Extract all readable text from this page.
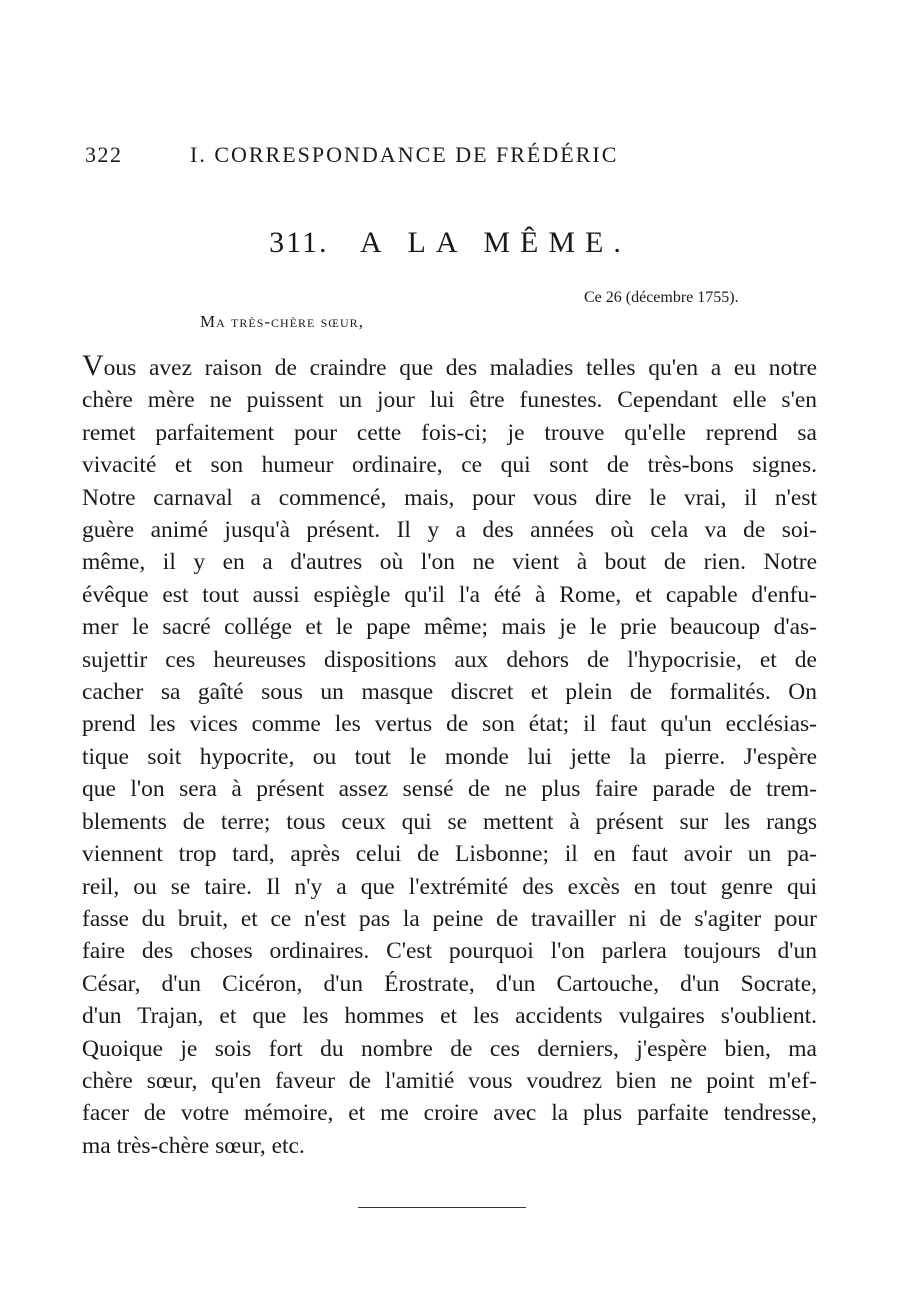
322	I. CORRESPONDANCE DE FRÉDÉRIC
311. A LA MÊME.
Ce 26 (décembre 1755).
Ma très-chère sœur,
Vous avez raison de craindre que des maladies telles qu'en a eu notre
chère mère ne puissent un jour lui être funestes. Cependant elle s'en
remet parfaitement pour cette fois-ci; je trouve qu'elle reprend sa
vivacité et son humeur ordinaire, ce qui sont de très-bons signes.
Notre carnaval a commencé, mais, pour vous dire le vrai, il n'est
guère animé jusqu'à présent. Il y a des années où cela va de soi-
même, il y en a d'autres où l'on ne vient à bout de rien. Notre
évêque est tout aussi espiègle qu'il l'a été à Rome, et capable d'enfu-
mer le sacré collége et le pape même; mais je le prie beaucoup d'as-
sujettir ces heureuses dispositions aux dehors de l'hypocrisie, et de
cacher sa gaîté sous un masque discret et plein de formalités. On
prend les vices comme les vertus de son état; il faut qu'un ecclésias-
tique soit hypocrite, ou tout le monde lui jette la pierre. J'espère
que l'on sera à présent assez sensé de ne plus faire parade de trem-
blements de terre; tous ceux qui se mettent à présent sur les rangs
viennent trop tard, après celui de Lisbonne; il en faut avoir un pa-
reil, ou se taire. Il n'y a que l'extrémité des excès en tout genre qui
fasse du bruit, et ce n'est pas la peine de travailler ni de s'agiter pour
faire des choses ordinaires. C'est pourquoi l'on parlera toujours d'un
César, d'un Cicéron, d'un Érostrate, d'un Cartouche, d'un Socrate,
d'un Trajan, et que les hommes et les accidents vulgaires s'oublient.
Quoique je sois fort du nombre de ces derniers, j'espère bien, ma
chère sœur, qu'en faveur de l'amitié vous voudrez bien ne point m'ef-
facer de votre mémoire, et me croire avec la plus parfaite tendresse,
ma très-chère sœur, etc.
